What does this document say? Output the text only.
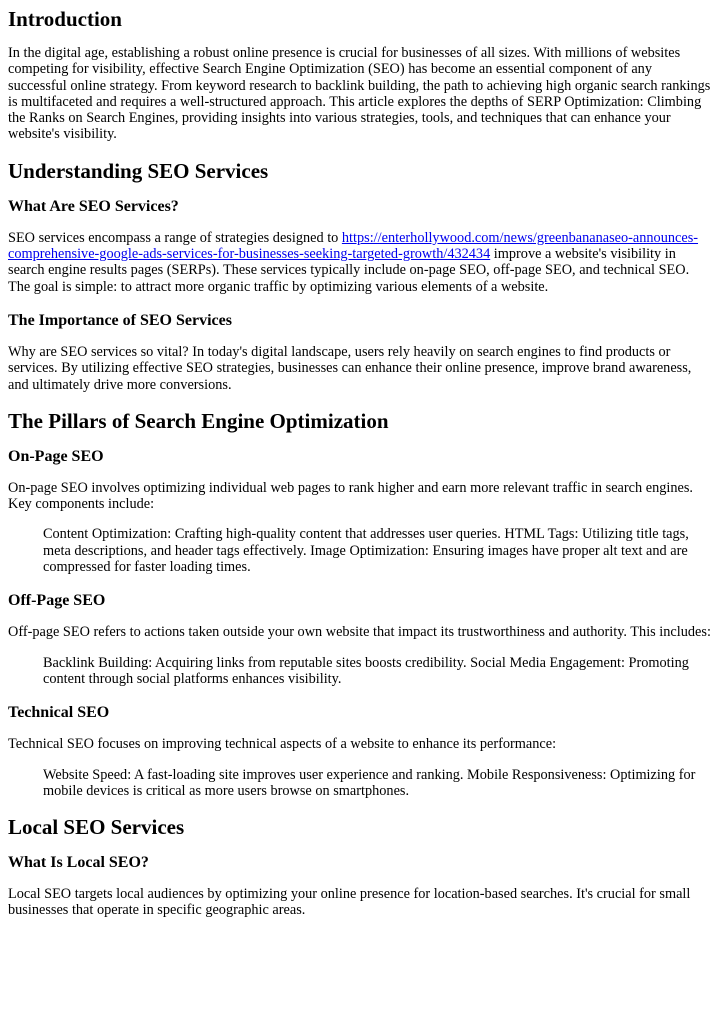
Introduction

In the digital age, establishing a robust online presence is crucial for businesses of all sizes. With millions of websites competing for visibility, effective Search Engine Optimization (SEO) has become an essential component of any successful online strategy. From keyword research to backlink building, the path to achieving high organic search rankings is multifaceted and requires a well-structured approach. This article explores the depths of SERP Optimization: Climbing the Ranks on Search Engines, providing insights into various strategies, tools, and techniques that can enhance your website's visibility.

Understanding SEO Services
What Are SEO Services?

SEO services encompass a range of strategies designed to https://enterhollywood.com/news/greenbananaseo-announces-comprehensive-google-ads-services-for-businesses-seeking-targeted-growth/432434 improve a website's visibility in search engine results pages (SERPs). These services typically include on-page SEO, off-page SEO, and technical SEO. The goal is simple: to attract more organic traffic by optimizing various elements of a website.

The Importance of SEO Services

Why are SEO services so vital? In today's digital landscape, users rely heavily on search engines to find products or services. By utilizing effective SEO strategies, businesses can enhance their online presence, improve brand awareness, and ultimately drive more conversions.

The Pillars of Search Engine Optimization
On-Page SEO

On-page SEO involves optimizing individual web pages to rank higher and earn more relevant traffic in search engines. Key components include:

Content Optimization: Crafting high-quality content that addresses user queries. HTML Tags: Utilizing title tags, meta descriptions, and header tags effectively. Image Optimization: Ensuring images have proper alt text and are compressed for faster loading times.
Off-Page SEO

Off-page SEO refers to actions taken outside your own website that impact its trustworthiness and authority. This includes:

Backlink Building: Acquiring links from reputable sites boosts credibility. Social Media Engagement: Promoting content through social platforms enhances visibility.
Technical SEO

Technical SEO focuses on improving technical aspects of a website to enhance its performance:

Website Speed: A fast-loading site improves user experience and ranking. Mobile Responsiveness: Optimizing for mobile devices is critical as more users browse on smartphones.
Local SEO Services
What Is Local SEO?

Local SEO targets local audiences by optimizing your online presence for location-based searches. It's crucial for small businesses that operate in specific geographic areas.
